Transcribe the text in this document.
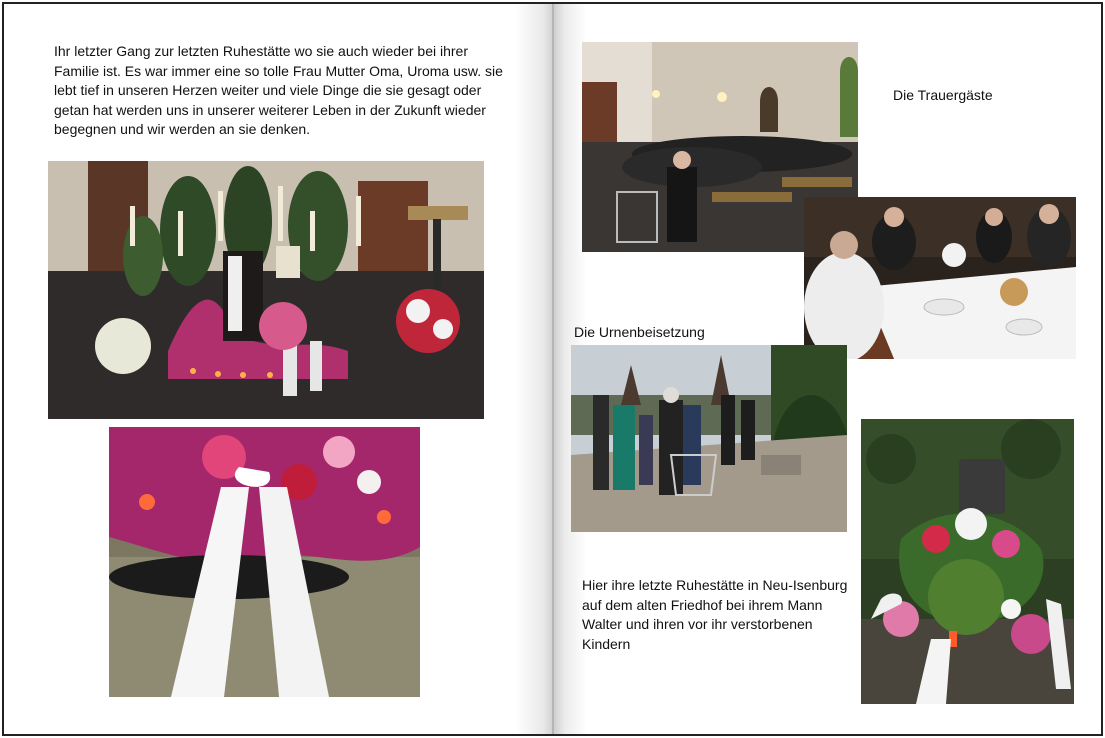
Ihr letzter Gang zur letzten Ruhestätte wo sie auch wieder bei ihrer Familie ist. Es war immer eine so tolle Frau Mutter Oma, Uroma usw. sie lebt tief in unseren Herzen weiter und viele Dinge die sie gesagt oder getan hat werden uns in unserer weiterer Leben in der Zukunft wieder begegnen und wir werden an sie denken.
Die Trauergäste
Die Urnenbeisetzung
Hier ihre letzte Ruhestätte in Neu-Isenburg auf dem alten Friedhof bei ihrem Mann Walter und ihren vor ihr verstorbenen Kindern
